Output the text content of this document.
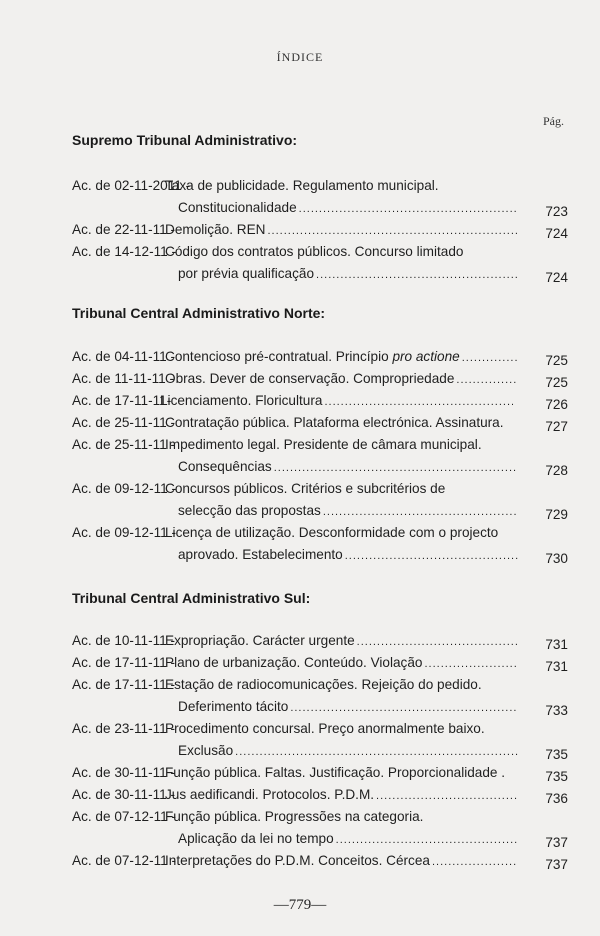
ÍNDICE
Pág.
Supremo Tribunal Administrativo:
Ac. de 02-11-2011 -
Taxa de publicidade. Regulamento municipal.
Constitucionalidade .....	723
Ac. de 22-11-11 -
Demolição. REN .....	724
Ac. de 14-12-11 -
Código dos contratos públicos. Concurso limitado
por prévia qualificação .....	724
Tribunal Central Administrativo Norte:
Ac. de 04-11-11 -
Contencioso pré-contratual. Princípio
pro actione .....	725
Ac. de 11-11-11 -
Obras. Dever de conservação. Compropriedade .....	725
Ac. de 17-11-11-
Licenciamento. Floricultura .....	726
Ac. de 25-11-11 -
Contratação pública. Plataforma electrónica. Assinatura.	727
Ac. de 25-11-11 -
Impedimento legal. Presidente de câmara municipal.
Consequências .....	728
Ac. de 09-12-11 -
Concursos públicos. Critérios e subcritérios de
selecção das propostas .....	729
Ac. de 09-12-11 -
Licença de utilização. Desconformidade com o projecto
aprovado. Estabelecimento .....	730
Tribunal Central Administrativo Sul:
Ac. de 10-11-11 -
Expropriação. Carácter urgente .....	731
Ac. de 17-11-11 -
Plano de urbanização. Conteúdo. Violação .....	731
Ac. de 17-11-11 -
Estação de radiocomunicações. Rejeição do pedido.
Deferimento tácito .....	733
Ac. de 23-11-11 -
Procedimento concursal. Preço anormalmente baixo.
Exclusão .....	735
Ac. de 30-11-11 -
Função pública. Faltas. Justificação. Proporcionalidade .	735
Ac. de 30-11-11 -
Jus aedificandi. Protocolos. P.D.M. .....	736
Ac. de 07-12-11 -
Função pública. Progressões na categoria.
Aplicação da lei no tempo .....	737
Ac. de 07-12-11 -
Interpretações do P.D.M. Conceitos. Cércea .....	737
—779—
